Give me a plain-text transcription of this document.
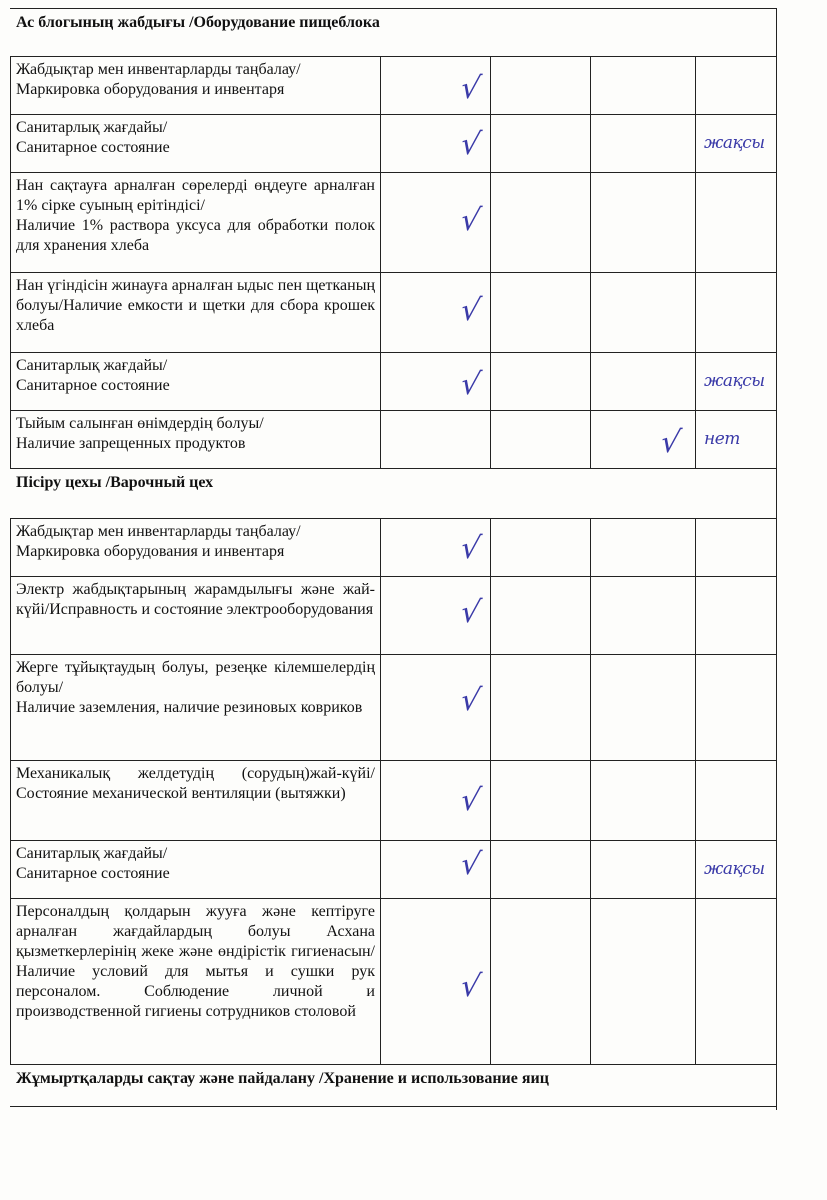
Ас блогының жабдығы /Оборудование пищеблока				
Жабдықтар мен инвентарларды таңбалау/
Маркировка оборудования и инвентаря	√			

Санитарлық жағдайы/
Санитарное состояние	√			жақсы

Нан сақтауға арналған сөрелерді өңдеуге арналған 1% сірке суының ерітіндісі/
Наличие 1% раствора уксуса для обработки полок для хранения хлеба	√			

Нан үгіндісін жинауға арналған ыдыс пен щетканың болуы/Наличие емкости и щетки для сбора крошек хлеба	√			

Санитарлық жағдайы/
Санитарное состояние	√			жақсы

Тыйым салынған өнімдердің болуы/
Наличие запрещенных продуктов			√	нет

Пісіру цехы /Варочный цех				
Жабдықтар мен инвентарларды таңбалау/
Маркировка оборудования и инвентаря	√			

Электр жабдықтарының жарамдылығы және жай-күйі/Исправность и состояние электрооборудования	√			

Жерге тұйықтаудың болуы, резеңке кілемшелердің болуы/
Наличие заземления, наличие резиновых ковриков	√			

Механикалық желдетудің (сорудың)жай-күйі/Состояние механической вентиляции (вытяжки)	√			

Санитарлық жағдайы/
Санитарное состояние	√			жақсы

Персоналдың қолдарын жууға және кептіруге арналған жағдайлардың болуы Асхана қызметкерлерінің жеке және өндірістік гигиенасын/ Наличие условий для мытья и сушки рук персоналом. Соблюдение личной и производственной гигиены сотрудников столовой	√			

Жұмыртқаларды сақтау және пайдалану /Хранение и использование яиц				
